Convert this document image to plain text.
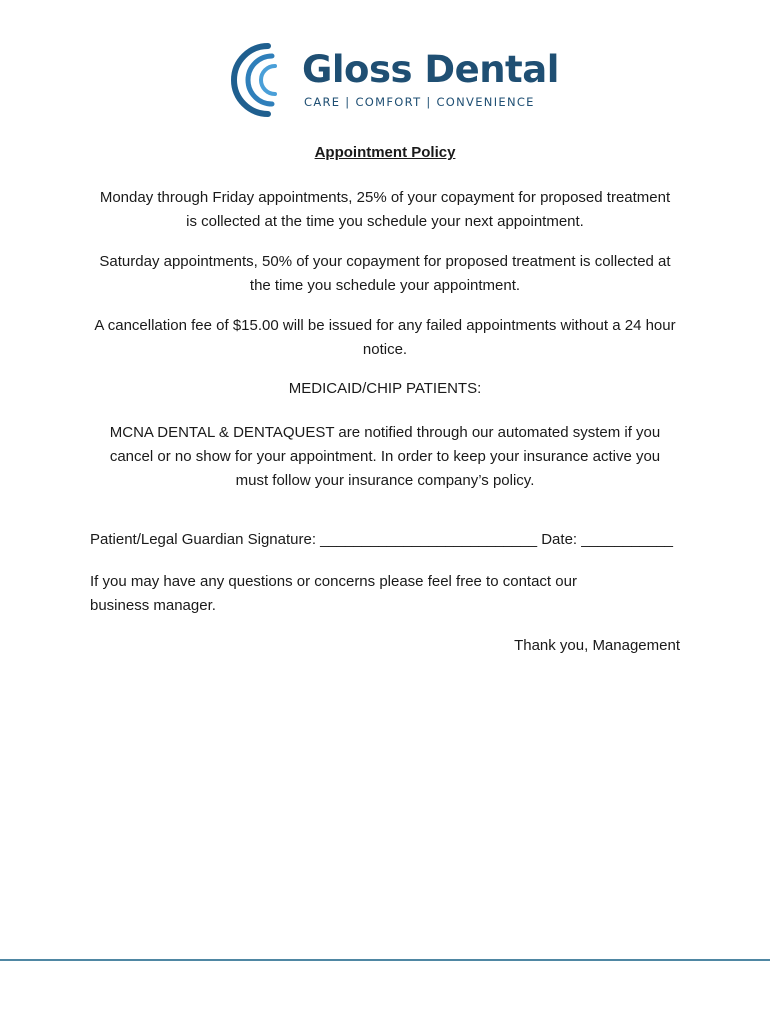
Gloss Dental
CARE | COMFORT | CONVENIENCE
Appointment Policy
Monday through Friday appointments, 25% of your copayment for proposed treatment
is collected at the time you schedule your next appointment.
Saturday appointments, 50% of your copayment for proposed treatment is collected at
the time you schedule your appointment.
A cancellation fee of $15.00 will be issued for any failed appointments without a 24 hour
notice.
MEDICAID/CHIP PATIENTS:
MCNA DENTAL & DENTAQUEST are notified through our automated system if you
cancel or no show for your appointment. In order to keep your insurance active you
must follow your insurance company’s policy.
Patient/Legal Guardian Signature: __________________________ Date: ___________
If you may have any questions or concerns please feel free to contact our
business manager.
Thank you, Management
